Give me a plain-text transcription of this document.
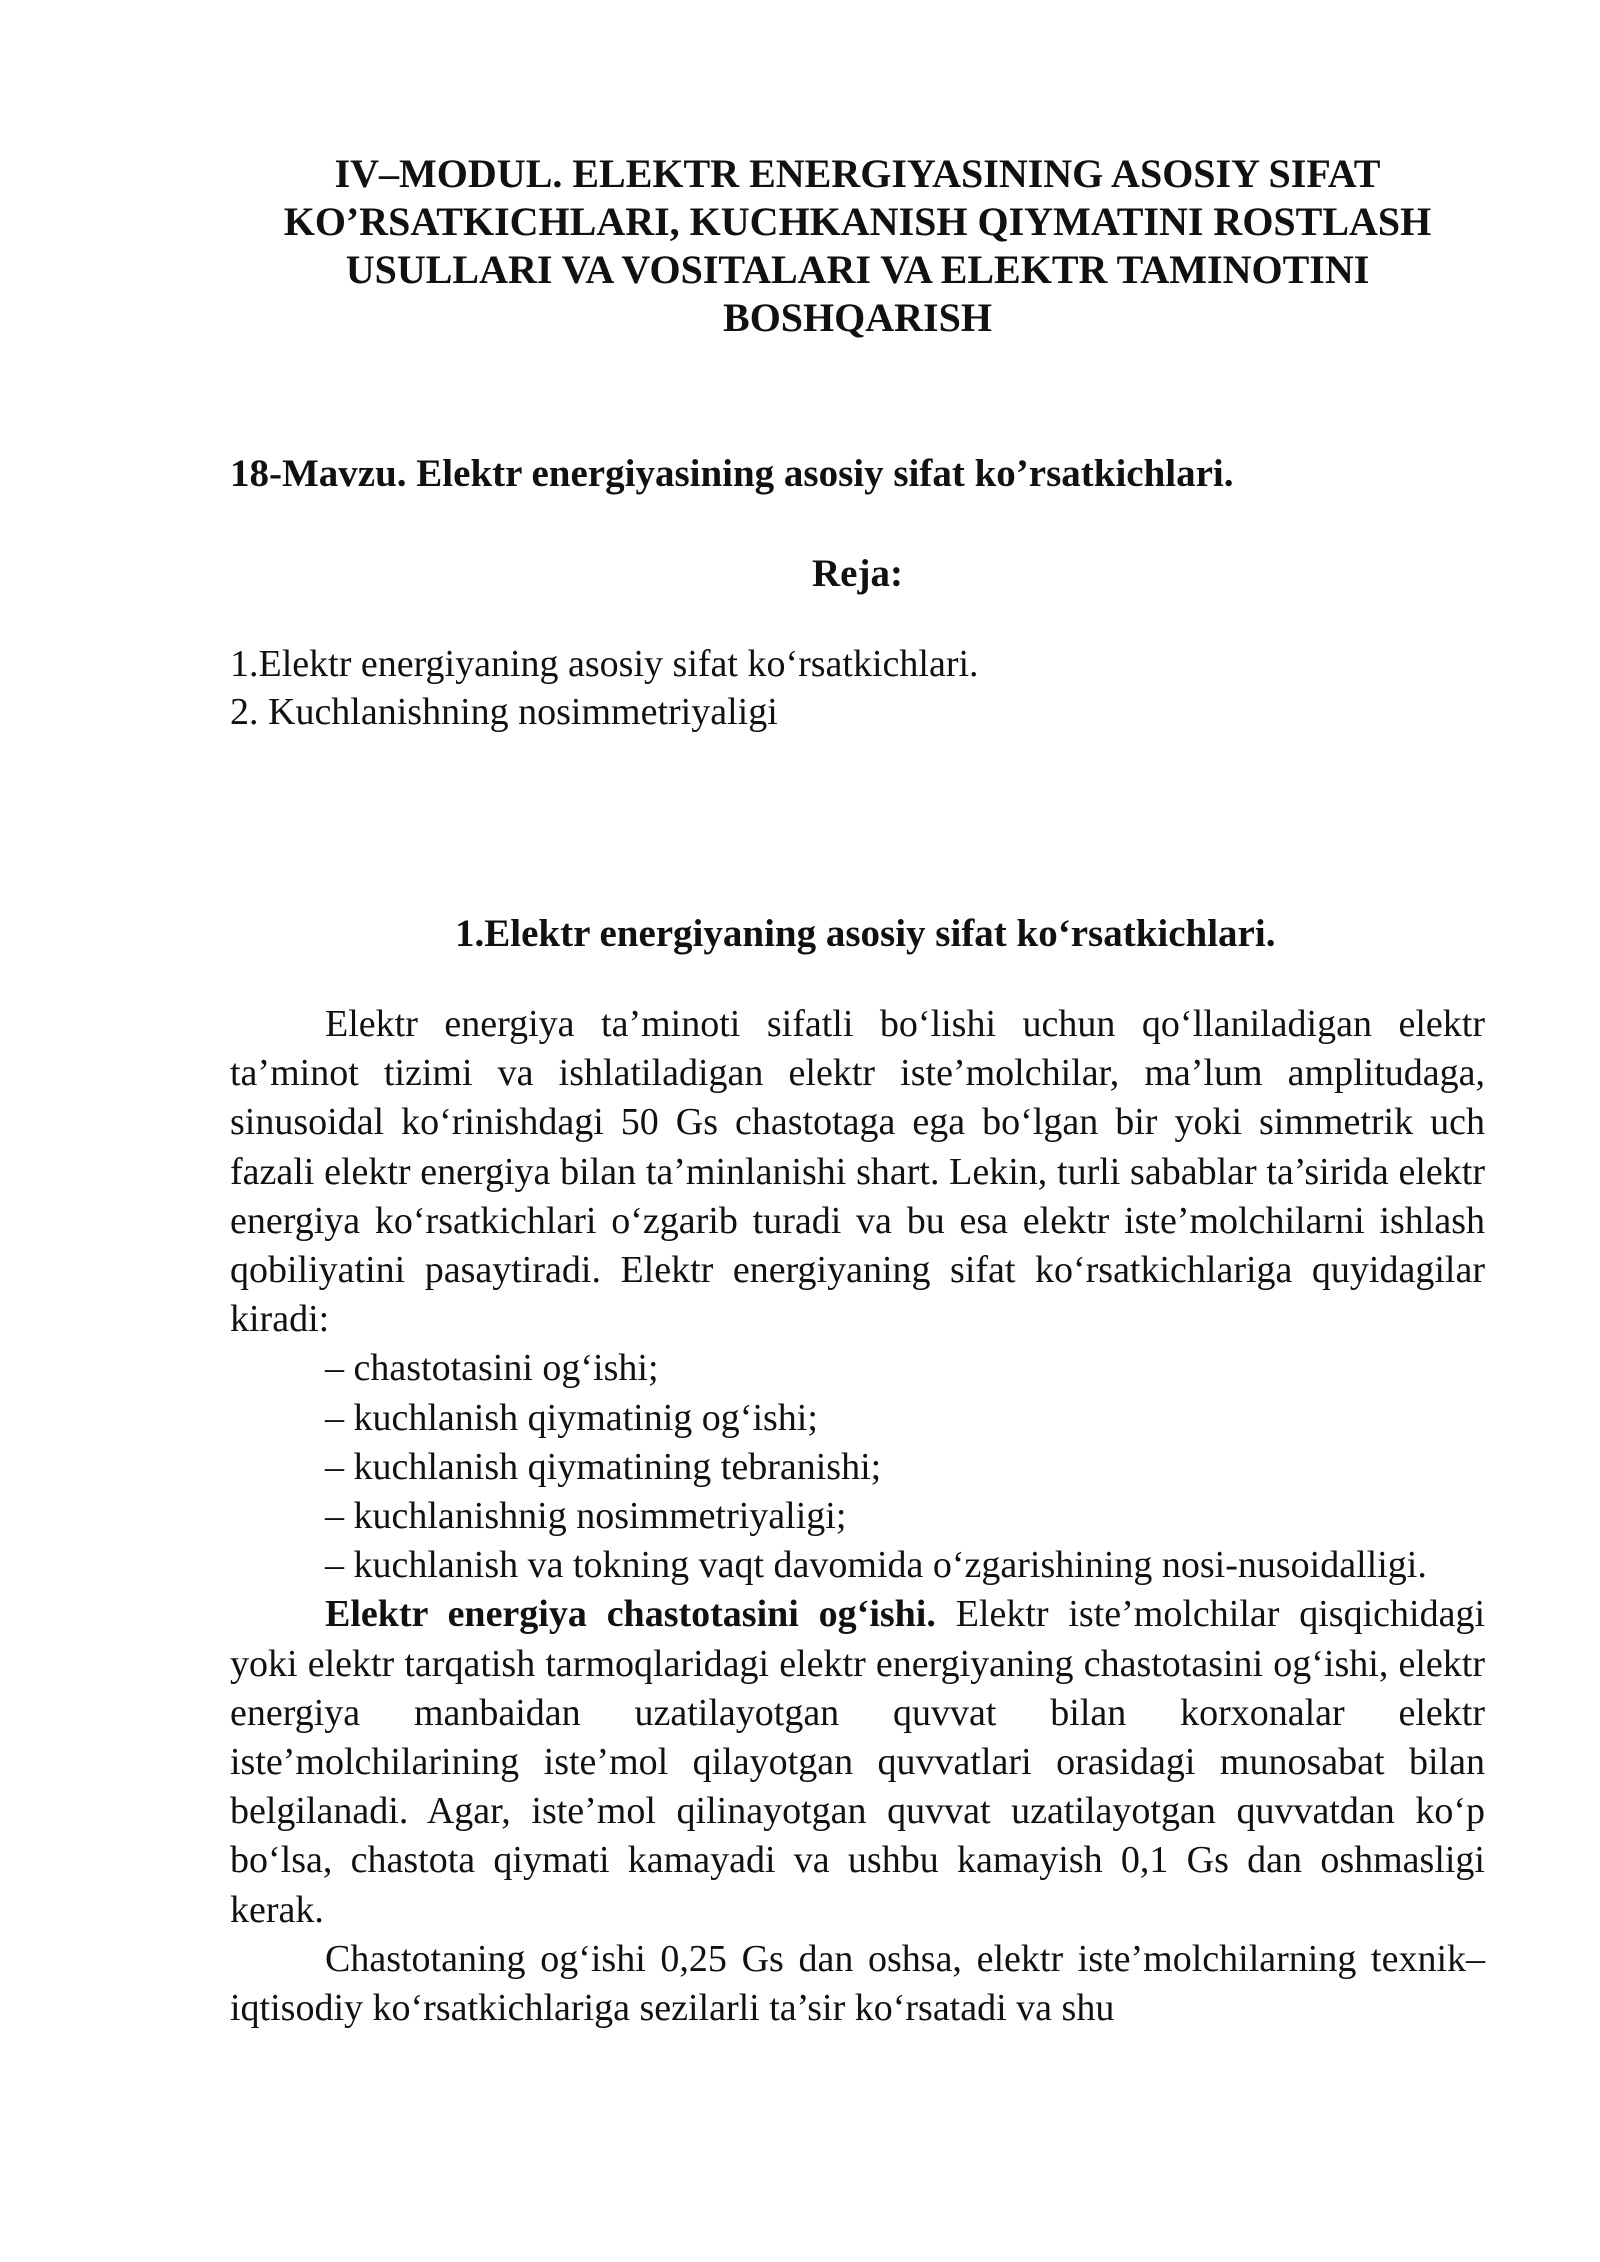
IV–MODUL. ELEKTR ENERGIYASINING ASOSIY SIFAT KO’RSATKICHLARI, KUCHKANISH QIYMATINI ROSTLASH USULLARI VA VOSITALARI VA ELEKTR TAMINOTINI BOSHQARISH
18-Mavzu. Elektr energiyasining asosiy sifat ko’rsatkichlari.
Reja:
1.Elektr energiyaning asosiy sifat ko‘rsatkichlari.
2. Kuchlanishning nosimmetriyaligi
1.Elektr energiyaning asosiy sifat ko‘rsatkichlari.

Elektr energiya ta’minoti sifatli bo‘lishi uchun qo‘llaniladigan elektr ta’minot tizimi va ishlatiladigan elektr iste’molchilar, ma’lum amplitudaga, sinusoidal ko‘rinishdagi 50 Gs chastotaga ega bo‘lgan bir yoki simmetrik uch fazali elektr energiya bilan ta’minlanishi shart. Lekin, turli sabablar ta’sirida elektr energiya ko‘rsatkichlari o‘zgarib turadi va bu esa elektr iste’molchilarni ishlash qobiliyatini pasaytiradi. Elektr energiyaning sifat ko‘rsatkichlariga quyidagilar kiradi:

– chastotasini og‘ishi;
– kuchlanish qiymatinig og‘ishi;
– kuchlanish qiymatining tebranishi;
– kuchlanishnig nosimmetriyaligi;
– kuchlanish va tokning vaqt davomida o‘zgarishining nosi-nusoidalligi.

Elektr energiya chastotasini og‘ishi. Elektr iste’molchilar qisqichidagi yoki elektr tarqatish tarmoqlaridagi elektr energiyaning chastotasini og‘ishi, elektr energiya manbaidan uzatilayotgan quvvat bilan korxonalar elektr iste’molchilarining iste’mol qilayotgan quvvatlari orasidagi munosabat bilan belgilanadi. Agar, iste’mol qilinayotgan quvvat uzatilayotgan quvvatdan ko‘p bo‘lsa, chastota qiymati kamayadi va ushbu kamayish 0,1 Gs dan oshmasligi kerak.

Chastotaning og‘ishi 0,25 Gs dan oshsa, elektr iste’molchilarning texnik–iqtisodiy ko‘rsatkichlariga sezilarli ta’sir ko‘rsatadi va shu
